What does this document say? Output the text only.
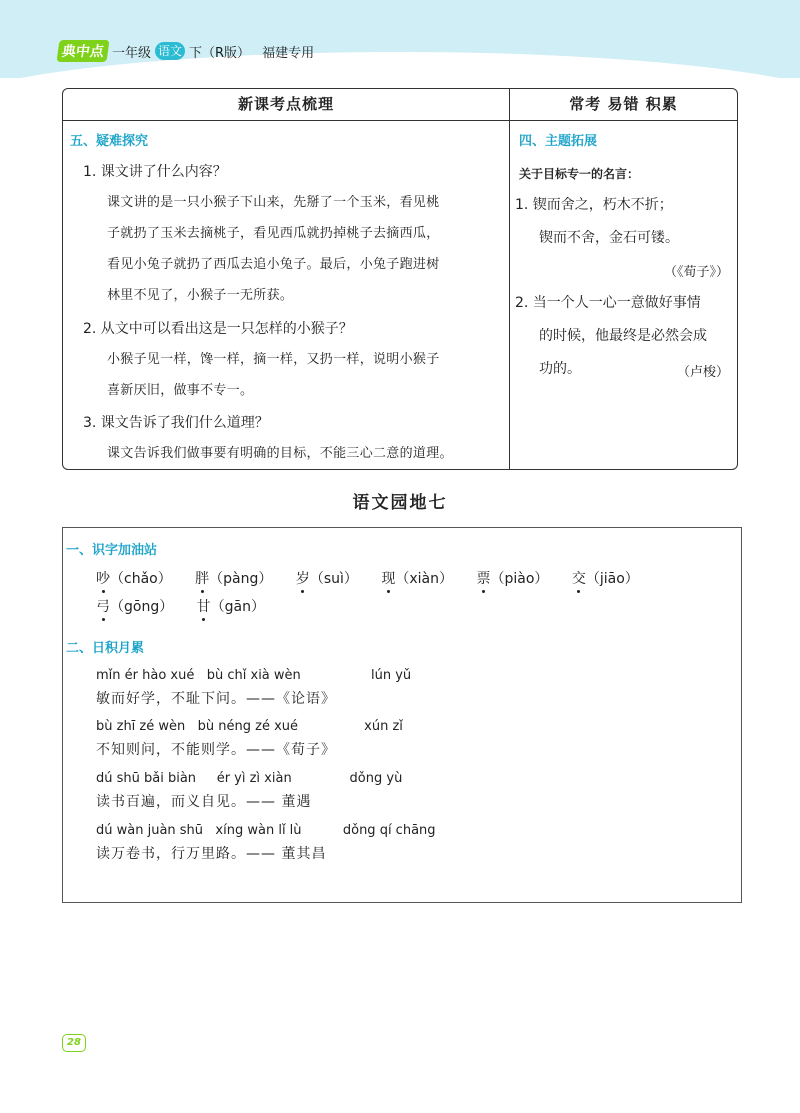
典中点 一年级 语文 下（R版） 福建专用
新课考点梳理	常考 易错 积累
五、疑难探究
1. 课文讲了什么内容？
课文讲的是一只小猴子下山来，先掰了一个玉米，看见桃
子就扔了玉米去摘桃子，看见西瓜就扔掉桃子去摘西瓜，
看见小兔子就扔了西瓜去追小兔子。最后，小兔子跑进树
林里不见了，小猴子一无所获。
2. 从文中可以看出这是一只怎样的小猴子？
小猴子见一样，馋一样，摘一样，又扔一样，说明小猴子
喜新厌旧，做事不专一。
3. 课文告诉了我们什么道理？
课文告诉我们做事要有明确的目标，不能三心二意的道理。
四、主题拓展
关于目标专一的名言：
1. 锲而舍之，朽木不折；
锲而不舍，金石可镂。
（《荀子》）
2. 当一个人一心一意做好事情
的时候，他最终是必然会成
功的。	（卢梭）
语文园地七
一、识字加油站
吵（chǎo） 胖（pàng） 岁（suì） 现（xiàn） 票（piào） 交（jiāo） 弓（gōng） 甘（gān）
二、日积月累
mǐn ér hào xué   bù chǐ xià wèn                 lún yǔ
敏而好学，不耻下问。——《论语》
bù zhī zé wèn   bù néng zé xué                xún zǐ
不知则问，不能则学。——《荀子》
dú shū bǎi biàn     ér yì zì xiàn              dǒng yù
读书百遍，而义自见。—— 董遇
dú wàn juàn shū   xíng wàn lǐ lù          dǒng qí chāng
读万卷书，行万里路。—— 董其昌
28
